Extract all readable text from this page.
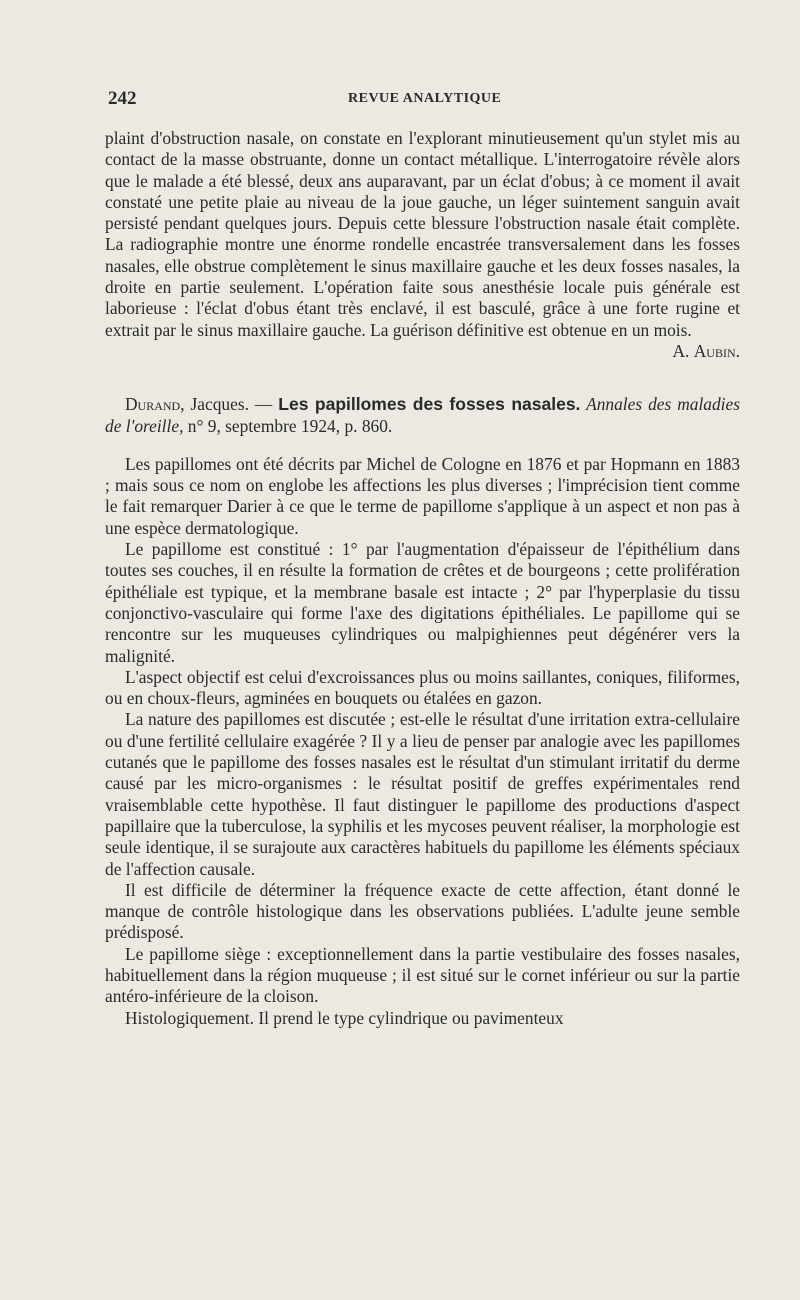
242	REVUE ANALYTIQUE

plaint d'obstruction nasale, on constate en l'explorant minutieusement qu'un stylet mis au contact de la masse obstruante, donne un contact métallique. L'interrogatoire révèle alors que le malade a été blessé, deux ans auparavant, par un éclat d'obus; à ce moment il avait constaté une petite plaie au niveau de la joue gauche, un léger suintement sanguin avait persisté pendant quelques jours. Depuis cette blessure l'obstruction nasale était complète. La radiographie montre une énorme rondelle encastrée transversalement dans les fosses nasales, elle obstrue complètement le sinus maxillaire gauche et les deux fosses nasales, la droite en partie seulement. L'opération faite sous anesthésie locale puis générale est laborieuse : l'éclat d'obus étant très enclavé, il est basculé, grâce à une forte rugine et extrait par le sinus maxillaire gauche. La guérison définitive est obtenue en un mois.

A. Aubin.

Durand, Jacques. — Les papillomes des fosses nasales. Annales des maladies de l'oreille, n° 9, septembre 1924, p. 860.

Les papillomes ont été décrits par Michel de Cologne en 1876 et par Hopmann en 1883 ; mais sous ce nom on englobe les affections les plus diverses ; l'imprécision tient comme le fait remarquer Darier à ce que le terme de papillome s'applique à un aspect et non pas à une espèce dermatologique.

Le papillome est constitué : 1° par l'augmentation d'épaisseur de l'épithélium dans toutes ses couches, il en résulte la formation de crêtes et de bourgeons ; cette prolifération épithéliale est typique, et la membrane basale est intacte ; 2° par l'hyperplasie du tissu conjonctivo-vasculaire qui forme l'axe des digitations épithéliales. Le papillome qui se rencontre sur les muqueuses cylindriques ou malpighiennes peut dégénérer vers la malignité.

L'aspect objectif est celui d'excroissances plus ou moins saillantes, coniques, filiformes, ou en choux-fleurs, agminées en bouquets ou étalées en gazon.

La nature des papillomes est discutée ; est-elle le résultat d'une irritation extra-cellulaire ou d'une fertilité cellulaire exagérée ? Il y a lieu de penser par analogie avec les papillomes cutanés que le papillome des fosses nasales est le résultat d'un stimulant irritatif du derme causé par les micro-organismes : le résultat positif de greffes expérimentales rend vraisemblable cette hypothèse. Il faut distinguer le papillome des productions d'aspect papillaire que la tuberculose, la syphilis et les mycoses peuvent réaliser, la morphologie est seule identique, il se surajoute aux caractères habituels du papillome les éléments spéciaux de l'affection causale.

Il est difficile de déterminer la fréquence exacte de cette affection, étant donné le manque de contrôle histologique dans les observations publiées. L'adulte jeune semble prédisposé.

Le papillome siège : exceptionnellement dans la partie vestibulaire des fosses nasales, habituellement dans la région muqueuse ; il est situé sur le cornet inférieur ou sur la partie antéro-inférieure de la cloison.

Histologiquement. Il prend le type cylindrique ou pavimenteux
